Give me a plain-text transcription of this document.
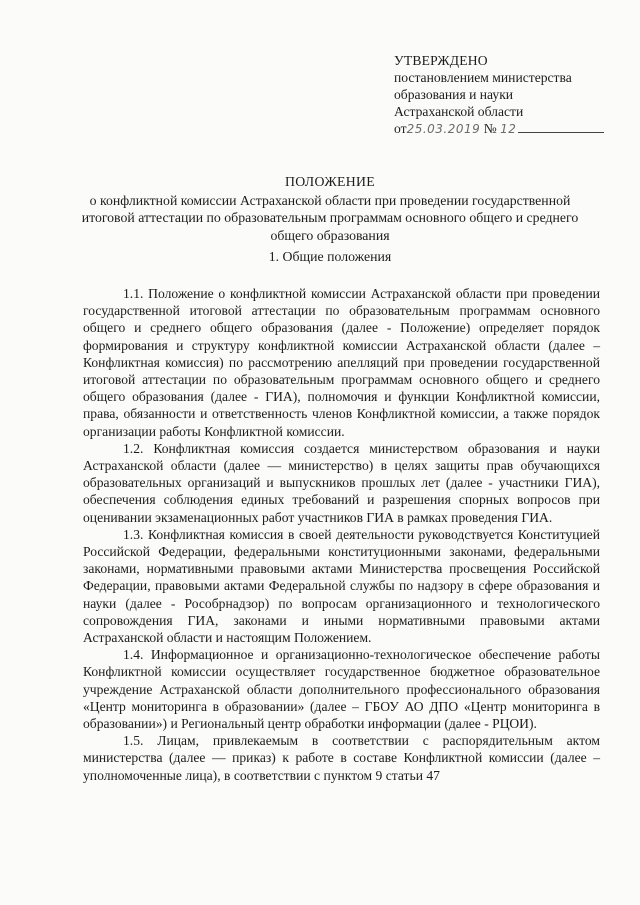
УТВЕРЖДЕНО
постановлением министерства
образования и науки
Астраханской области
от25.03.2019 № 12
ПОЛОЖЕНИЕ
о конфликтной комиссии Астраханской области при проведении государственной итоговой аттестации по образовательным программам основного общего и среднего общего образования
1. Общие положения

1.1. Положение о конфликтной комиссии Астраханской области при проведении государственной итоговой аттестации по образовательным программам основного общего и среднего общего образования (далее - Положение) определяет порядок формирования и структуру конфликтной комиссии Астраханской области (далее – Конфликтная комиссия) по рассмотрению апелляций при проведении государственной итоговой аттестации по образовательным программам основного общего и среднего общего образования (далее - ГИА), полномочия и функции Конфликтной комиссии, права, обязанности и ответственность членов Конфликтной комиссии, а также порядок организации работы Конфликтной комиссии.

1.2. Конфликтная комиссия создается министерством образования и науки Астраханской области (далее — министерство) в целях защиты прав обучающихся образовательных организаций и выпускников прошлых лет (далее - участники ГИА), обеспечения соблюдения единых требований и разрешения спорных вопросов при оценивании экзаменационных работ участников ГИА в рамках проведения ГИА.

1.3. Конфликтная комиссия в своей деятельности руководствуется Конституцией Российской Федерации, федеральными конституционными законами, федеральными законами, нормативными правовыми актами Министерства просвещения Российской Федерации, правовыми актами Федеральной службы по надзору в сфере образования и науки (далее - Рособрнадзор) по вопросам организационного и технологического сопровождения ГИА, законами и иными нормативными правовыми актами Астраханской области и настоящим Положением.

1.4. Информационное и организационно-технологическое обеспечение работы Конфликтной комиссии осуществляет государственное бюджетное образовательное учреждение Астраханской области дополнительного профессионального образования «Центр мониторинга в образовании» (далее – ГБОУ АО ДПО «Центр мониторинга в образовании») и Региональный центр обработки информации (далее - РЦОИ).

1.5. Лицам, привлекаемым в соответствии с распорядительным актом министерства (далее — приказ) к работе в составе Конфликтной комиссии (далее – уполномоченные лица), в соответствии с пунктом 9 статьи 47
